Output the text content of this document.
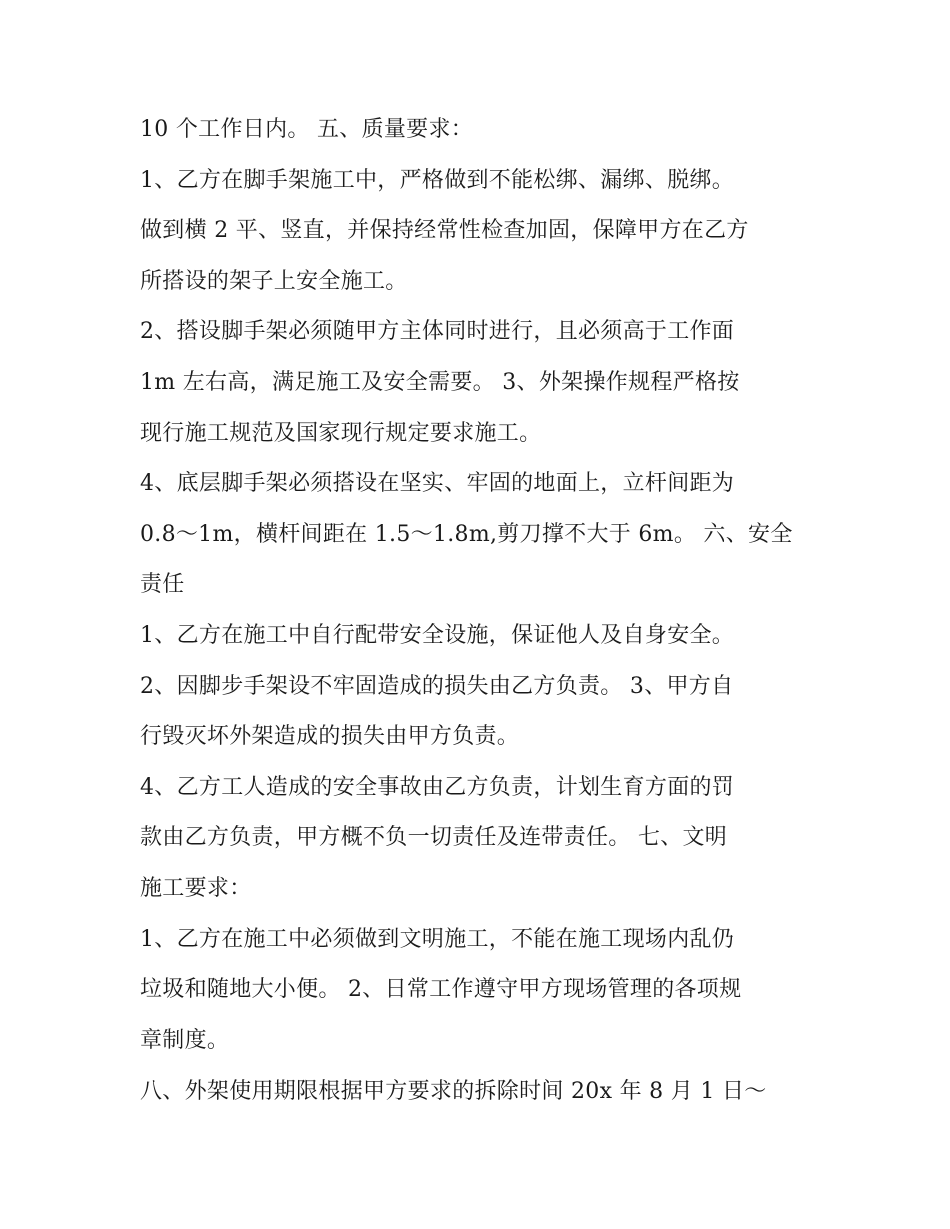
10 个工作日内。 五、质量要求：
1、乙方在脚手架施工中，严格做到不能松绑、漏绑、脱绑。
做到横 2 平、竖直，并保持经常性检查加固，保障甲方在乙方
所搭设的架子上安全施工。
2、搭设脚手架必须随甲方主体同时进行，且必须高于工作面
1m 左右高，满足施工及安全需要。 3、外架操作规程严格按
现行施工规范及国家现行规定要求施工。
4、底层脚手架必须搭设在坚实、牢固的地面上，立杆间距为
0.8～1m，横杆间距在 1.5～1.8m,剪刀撑不大于 6m。 六、安全
责任
1、乙方在施工中自行配带安全设施，保证他人及自身安全。
2、因脚步手架设不牢固造成的损失由乙方负责。 3、甲方自
行毁灭坏外架造成的损失由甲方负责。
4、乙方工人造成的安全事故由乙方负责，计划生育方面的罚
款由乙方负责，甲方概不负一切责任及连带责任。 七、文明
施工要求：
1、乙方在施工中必须做到文明施工，不能在施工现场内乱仍
垃圾和随地大小便。 2、日常工作遵守甲方现场管理的各项规
章制度。
八、外架使用期限根据甲方要求的拆除时间 20x 年 8 月 1 日～
